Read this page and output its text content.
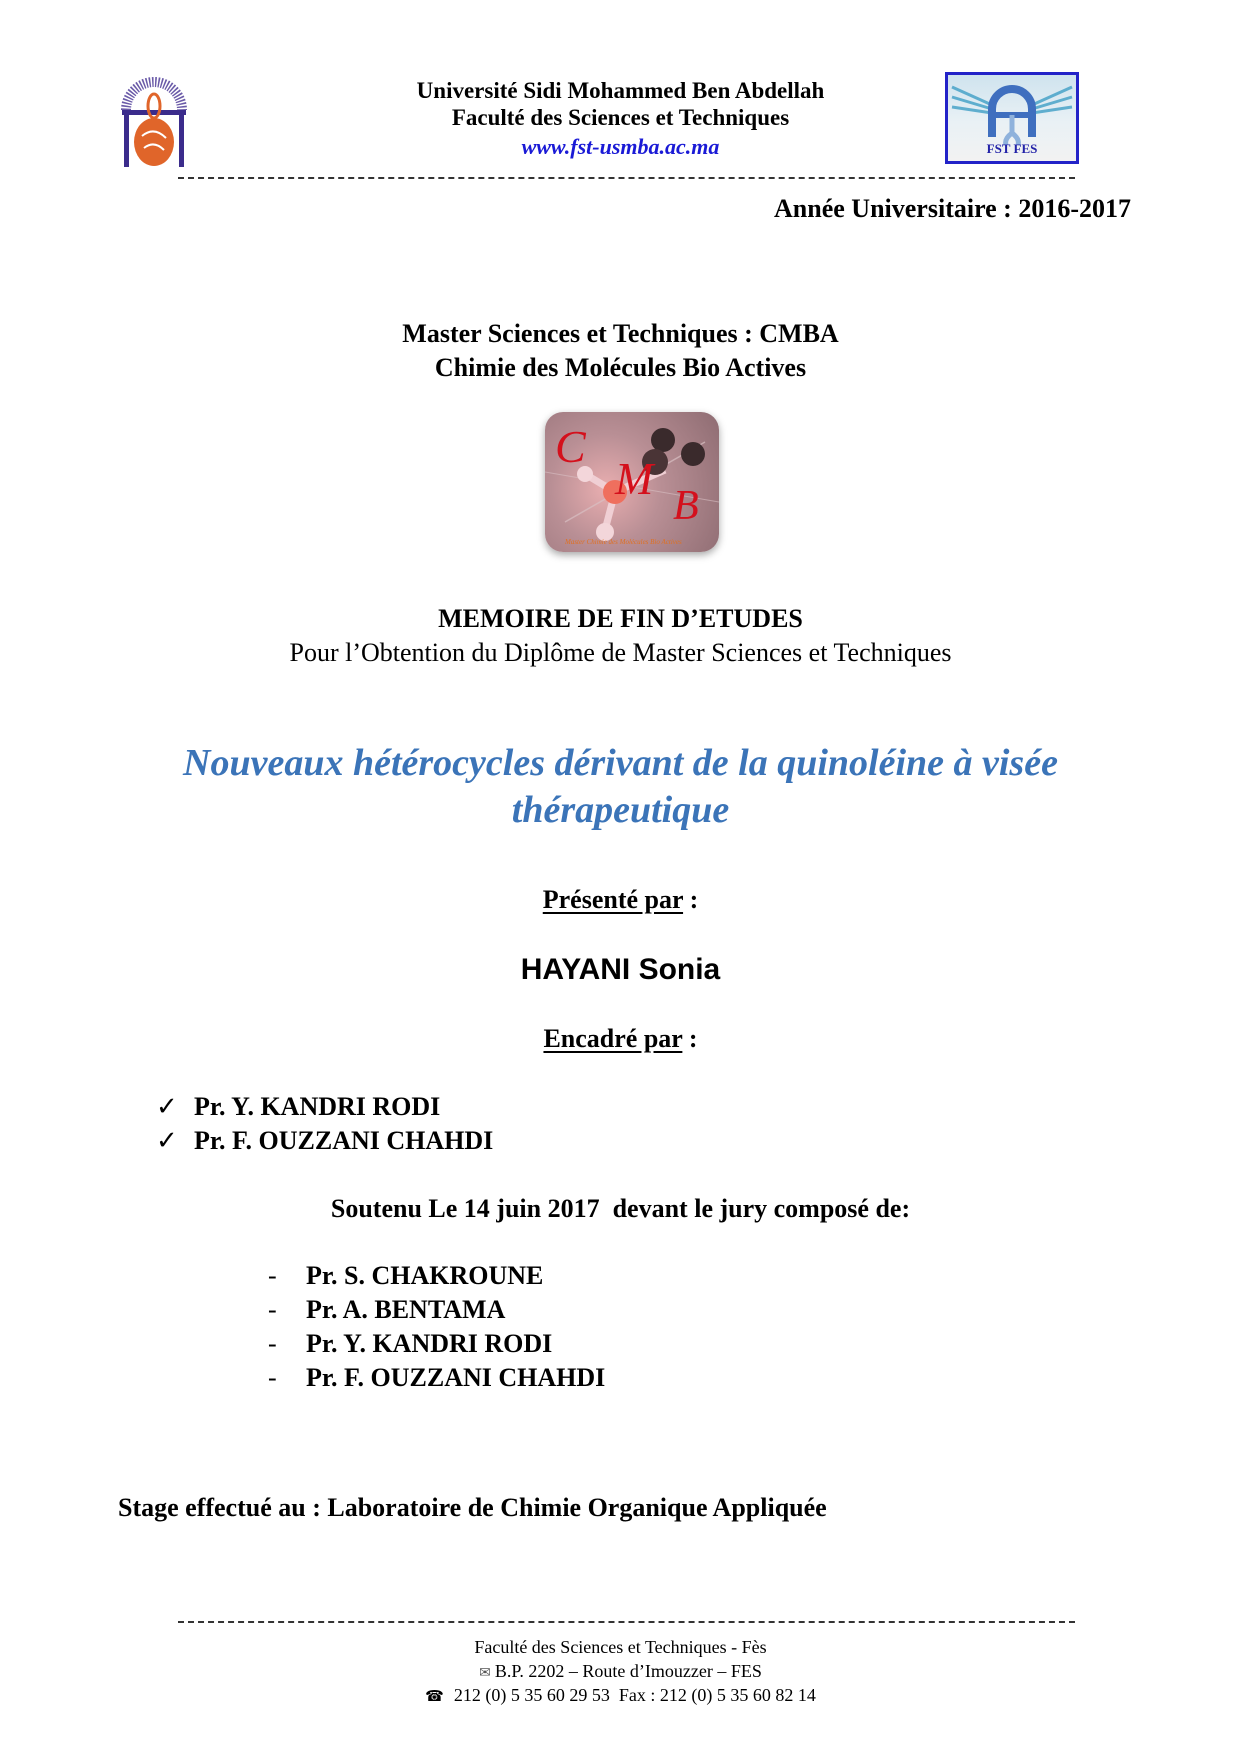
Université Sidi Mohammed Ben Abdellah
Faculté des Sciences et Techniques
www.fst-usmba.ac.ma	FST FES
Année Universitaire : 2016-2017
Master Sciences et Techniques : CMBA
Chimie des Molécules Bio Actives
C
M
B
Master Chimie des Molécules Bio Actives
MEMOIRE DE FIN D’ETUDES
Pour l’Obtention du Diplôme de Master Sciences et Techniques
Nouveaux hétérocycles dérivant de la quinoléine à visée
thérapeutique
Présenté par :
HAYANI Sonia
Encadré par :
✓ Pr. Y. KANDRI RODI
✓ Pr. F. OUZZANI CHAHDI
Soutenu Le 14 juin 2017  devant le jury composé de:
- Pr. S. CHAKROUNE
- Pr. A. BENTAMA
- Pr. Y. KANDRI RODI
- Pr. F. OUZZANI CHAHDI
Stage effectué au : Laboratoire de Chimie Organique Appliquée
Faculté des Sciences et Techniques - Fès
✉ B.P. 2202 – Route d’Imouzzer – FES
☎ 212 (0) 5 35 60 29 53  Fax : 212 (0) 5 35 60 82 14
